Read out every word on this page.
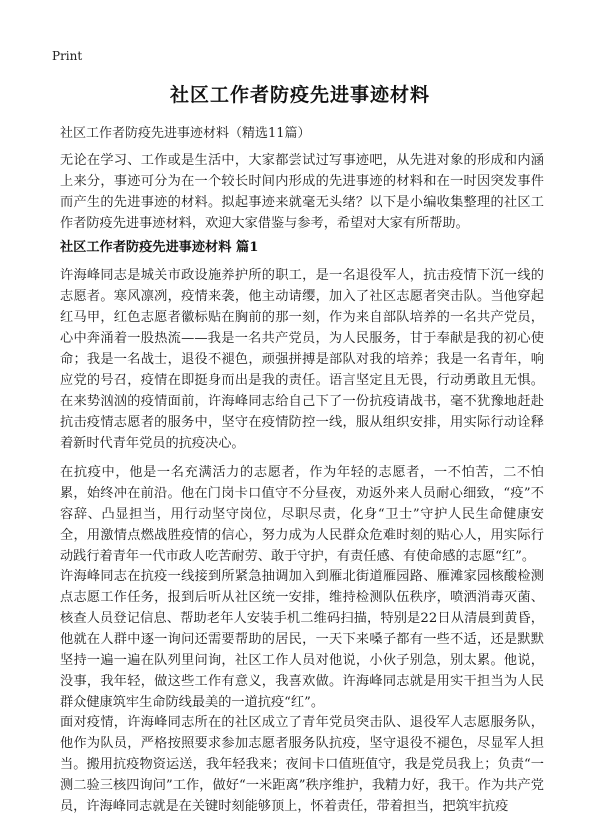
Print
社区工作者防疫先进事迹材料
社区工作者防疫先进事迹材料（精选11篇）

无论在学习、工作或是生活中，大家都尝试过写事迹吧，从先进对象的形成和内涵上来分，事迹可分为在一个较长时间内形成的先进事迹的材料和在一时因突发事件而产生的先进事迹的材料。拟起事迹来就毫无头绪？以下是小编收集整理的社区工作者防疫先进事迹材料，欢迎大家借鉴与参考，希望对大家有所帮助。

社区工作者防疫先进事迹材料 篇1

许海峰同志是城关市政设施养护所的职工，是一名退役军人，抗击疫情下沉一线的志愿者。寒风凛冽，疫情来袭，他主动请缨，加入了社区志愿者突击队。当他穿起红马甲，红色志愿者徽标贴在胸前的那一刻，作为来自部队培养的一名共产党员，心中奔涌着一股热流——我是一名共产党员，为人民服务，甘于奉献是我的初心使命；我是一名战士，退役不褪色，顽强拼搏是部队对我的培养；我是一名青年，响应党的号召，疫情在即挺身而出是我的责任。语言坚定且无畏，行动勇敢且无惧。在来势汹汹的疫情面前，许海峰同志给自己下了一份抗疫请战书，毫不犹豫地赶赴抗击疫情志愿者的服务中，坚守在疫情防控一线，服从组织安排，用实际行动诠释着新时代青年党员的抗疫决心。

在抗疫中，他是一名充满活力的志愿者，作为年轻的志愿者，一不怕苦，二不怕累，始终冲在前沿。他在门岗卡口值守不分昼夜，劝返外来人员耐心细致，“疫”不容辞、凸显担当，用行动坚守岗位，尽职尽责，化身“卫士”守护人民生命健康安全，用激情点燃战胜疫情的信心，努力成为人民群众危难时刻的贴心人，用实际行动践行着青年一代市政人吃苦耐劳、敢于守护，有责任感、有使命感的志愿“红”。

许海峰同志在抗疫一线接到所紧急抽调加入到雁北街道雁园路、雁滩家园核酸检测点志愿工作任务，报到后听从社区统一安排，维持检测队伍秩序，喷洒消毒灭菌、核查人员登记信息、帮助老年人安装手机二维码扫描，特别是22日从清晨到黄昏，他就在人群中逐一询问还需要帮助的居民，一天下来嗓子都有一些不适，还是默默坚持一遍一遍在队列里问询，社区工作人员对他说，小伙子别急，别太累。他说，没事，我年轻，做这些工作有意义，我喜欢做。许海峰同志就是用实干担当为人民群众健康筑牢生命防线最美的一道抗疫“红”。

面对疫情，许海峰同志所在的社区成立了青年党员突击队、退役军人志愿服务队，他作为队员，严格按照要求参加志愿者服务队抗疫，坚守退役不褪色，尽显军人担当。搬用抗疫物资运送，我年轻我来；夜间卡口值班值守，我是党员我上；负责“一测二验三核四询问”工作，做好“一米距离”秩序维护，我精力好，我干。作为共产党员，许海峰同志就是在关键时刻能够顶上，怀着责任，带着担当，把筑牢抗疫
